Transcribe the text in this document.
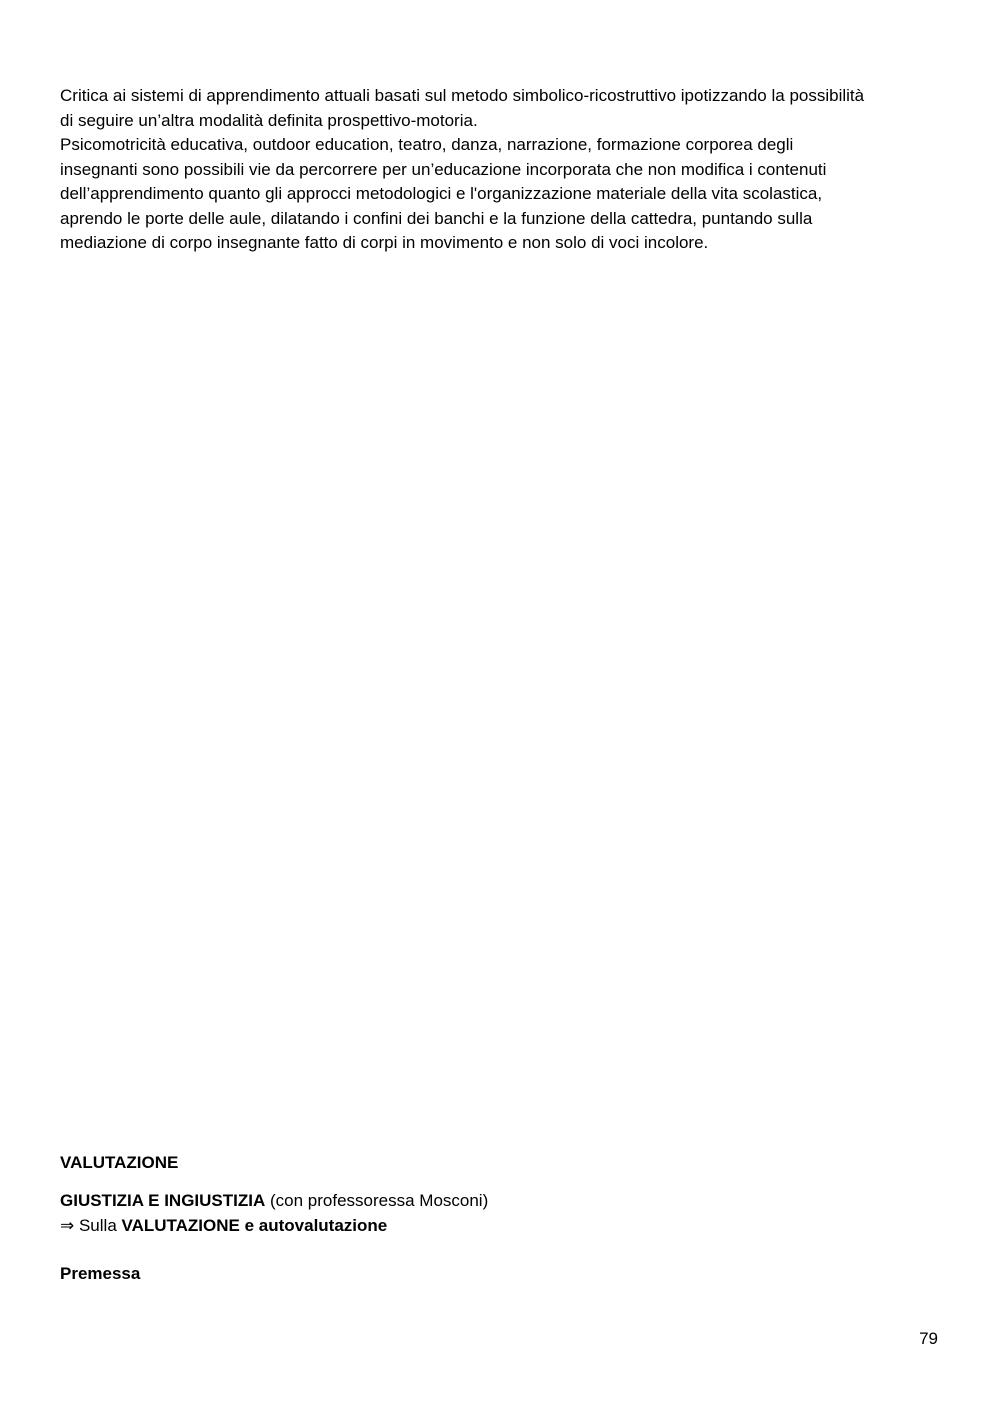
Critica ai sistemi di apprendimento attuali basati sul metodo simbolico-ricostruttivo ipotizzando la possibilità

di seguire un’altra modalità definita prospettivo-motoria.

Psicomotricità educativa, outdoor education, teatro, danza, narrazione, formazione corporea degli

insegnanti sono possibili vie da percorrere per un’educazione incorporata che non modifica i contenuti

dell’apprendimento quanto gli approcci metodologici e l'organizzazione materiale della vita scolastica,

aprendo le porte delle aule, dilatando i confini dei banchi e la funzione della cattedra, puntando sulla

mediazione di corpo insegnante fatto di corpi in movimento e non solo di voci incolore.

VALUTAZIONE

GIUSTIZIA E INGIUSTIZIA (con professoressa Mosconi)

⇒ Sulla VALUTAZIONE e autovalutazione

Premessa

79
